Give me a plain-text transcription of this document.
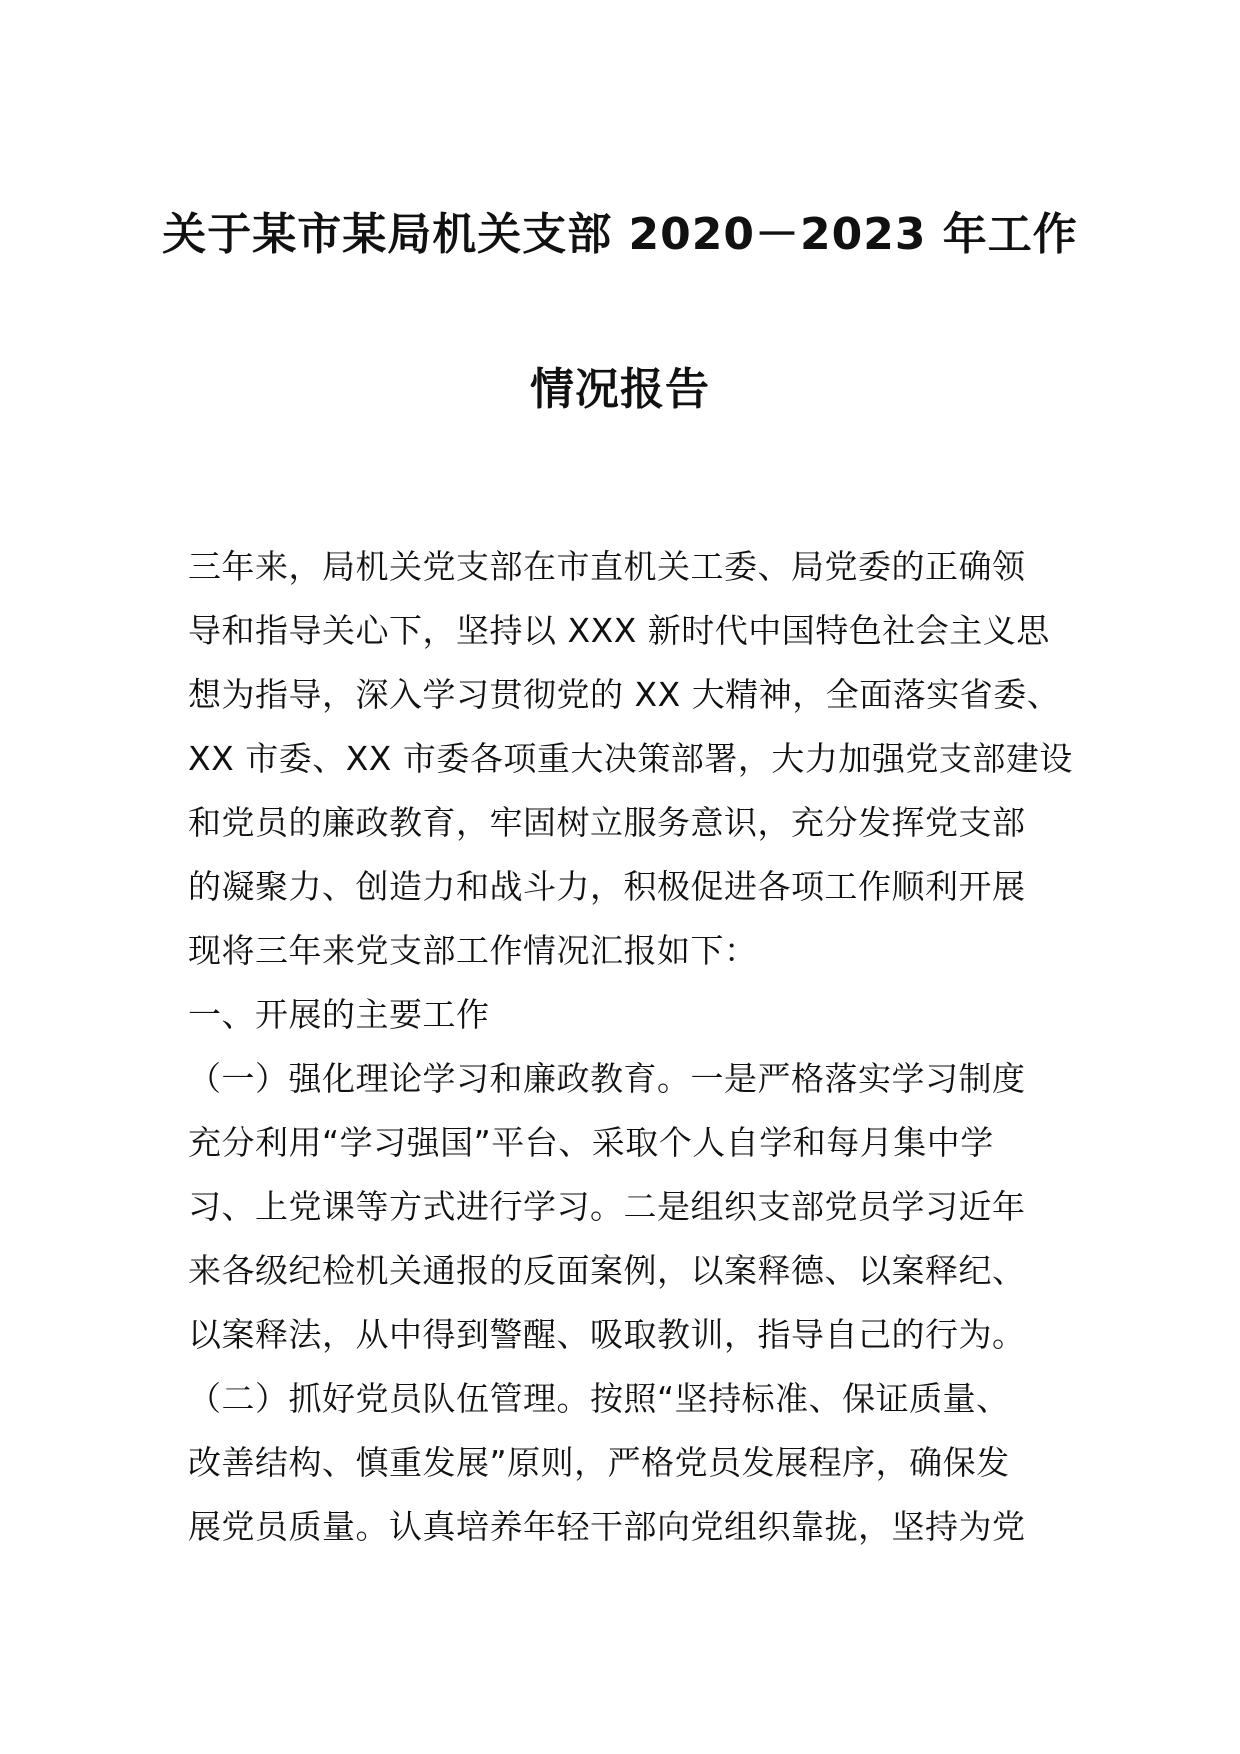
关于某市某局机关支部 2020－2023 年工作
情况报告
三年来，局机关党支部在市直机关工委、局党委的正确领
导和指导关心下，坚持以 XXX 新时代中国特色社会主义思
想为指导，深入学习贯彻党的 XX 大精神，全面落实省委、
XX 市委、XX 市委各项重大决策部署，大力加强党支部建设
和党员的廉政教育，牢固树立服务意识，充分发挥党支部
的凝聚力、创造力和战斗力，积极促进各项工作顺利开展
现将三年来党支部工作情况汇报如下：
一、开展的主要工作
（一）强化理论学习和廉政教育。一是严格落实学习制度
充分利用“学习强国”平台、采取个人自学和每月集中学
习、上党课等方式进行学习。二是组织支部党员学习近年
来各级纪检机关通报的反面案例，以案释德、以案释纪、
以案释法，从中得到警醒、吸取教训，指导自己的行为。
（二）抓好党员队伍管理。按照“坚持标准、保证质量、
改善结构、慎重发展”原则，严格党员发展程序，确保发
展党员质量。认真培养年轻干部向党组织靠拢，坚持为党
